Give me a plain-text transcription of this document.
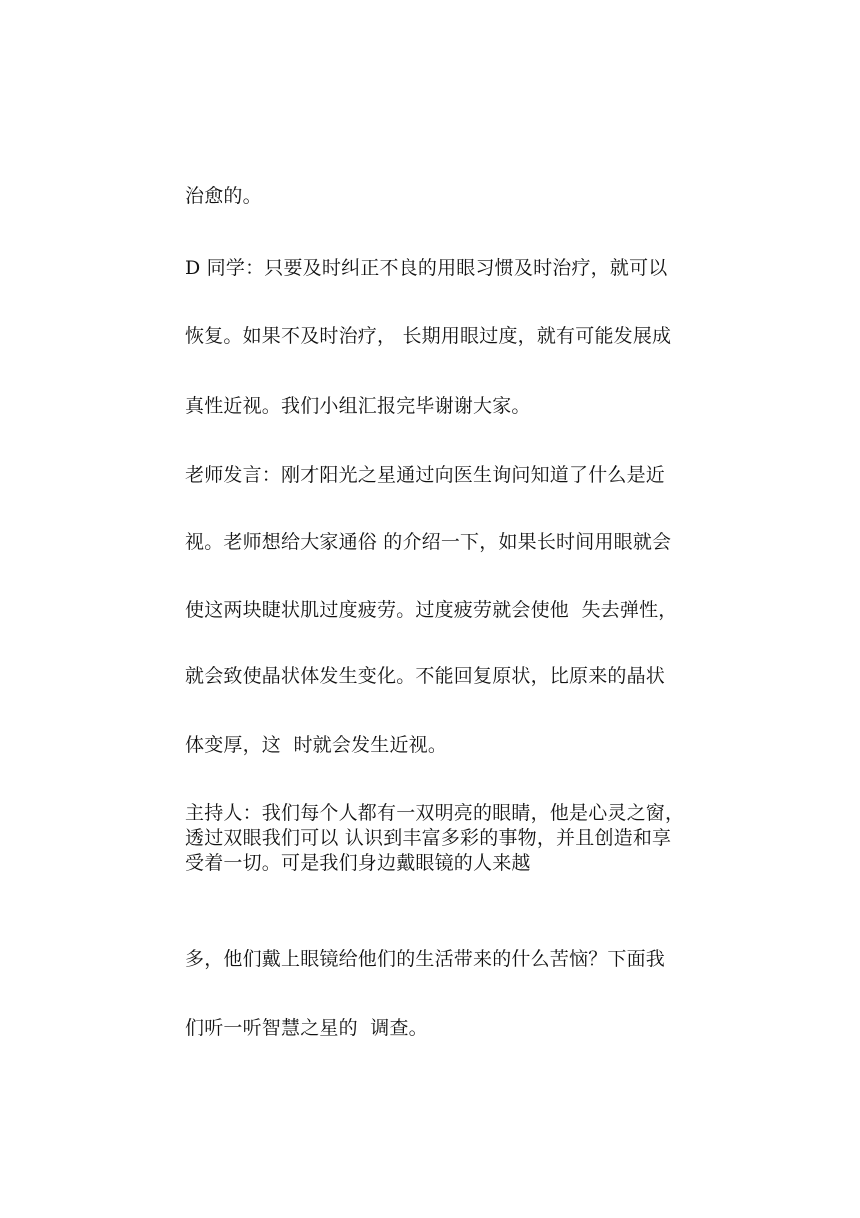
治愈的。
D 同学：只要及时纠正不良的用眼习惯及时治疗，就可以
恢复。如果不及时治疗， 长期用眼过度，就有可能发展成
真性近视。我们小组汇报完毕谢谢大家。
老师发言：刚才阳光之星通过向医生询问知道了什么是近
视。老师想给大家通俗 的介绍一下，如果长时间用眼就会
使这两块睫状肌过度疲劳。过度疲劳就会使他  失去弹性，
就会致使晶状体发生变化。不能回复原状，比原来的晶状
体变厚，这  时就会发生近视。
主持人：我们每个人都有一双明亮的眼睛，他是心灵之窗，
透过双眼我们可以 认识到丰富多彩的事物，并且创造和享
受着一切。可是我们身边戴眼镜的人来越
多，他们戴上眼镜给他们的生活带来的什么苦恼？下面我
们听一听智慧之星的  调查。
